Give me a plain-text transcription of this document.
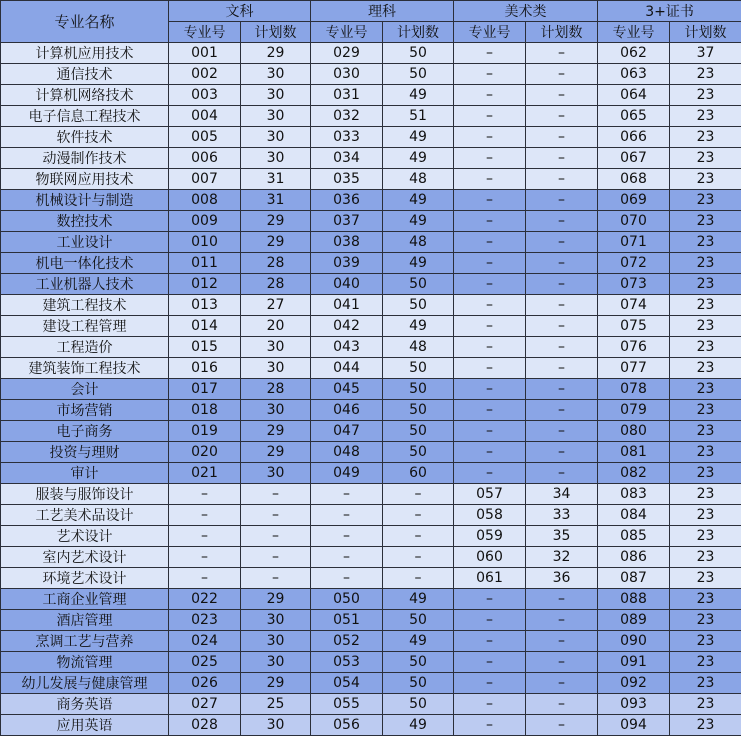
专业名称	文科		理科		美术类		3+证书	
	专业号	计划数	专业号	计划数	专业号	计划数	专业号	计划数
计算机应用技术	001	29	029	50	–	–	062	37
通信技术	002	30	030	50	–	–	063	23
计算机网络技术	003	30	031	49	–	–	064	23
电子信息工程技术	004	30	032	51	–	–	065	23
软件技术	005	30	033	49	–	–	066	23
动漫制作技术	006	30	034	49	–	–	067	23
物联网应用技术	007	31	035	48	–	–	068	23
机械设计与制造	008	31	036	49	–	–	069	23
数控技术	009	29	037	49	–	–	070	23
工业设计	010	29	038	48	–	–	071	23
机电一体化技术	011	28	039	49	–	–	072	23
工业机器人技术	012	28	040	50	–	–	073	23
建筑工程技术	013	27	041	50	–	–	074	23
建设工程管理	014	20	042	49	–	–	075	23
工程造价	015	30	043	48	–	–	076	23
建筑装饰工程技术	016	30	044	50	–	–	077	23
会计	017	28	045	50	–	–	078	23
市场营销	018	30	046	50	–	–	079	23
电子商务	019	29	047	50	–	–	080	23
投资与理财	020	29	048	50	–	–	081	23
审计	021	30	049	60	–	–	082	23
服装与服饰设计	–	–	–	–	057	34	083	23
工艺美术品设计	–	–	–	–	058	33	084	23
艺术设计	–	–	–	–	059	35	085	23
室内艺术设计	–	–	–	–	060	32	086	23
环境艺术设计	–	–	–	–	061	36	087	23
工商企业管理	022	29	050	49	–	–	088	23
酒店管理	023	30	051	50	–	–	089	23
烹调工艺与营养	024	30	052	49	–	–	090	23
物流管理	025	30	053	50	–	–	091	23
幼儿发展与健康管理	026	29	054	50	–	–	092	23
商务英语	027	25	055	50	–	–	093	23
应用英语	028	30	056	49	–	–	094	23
